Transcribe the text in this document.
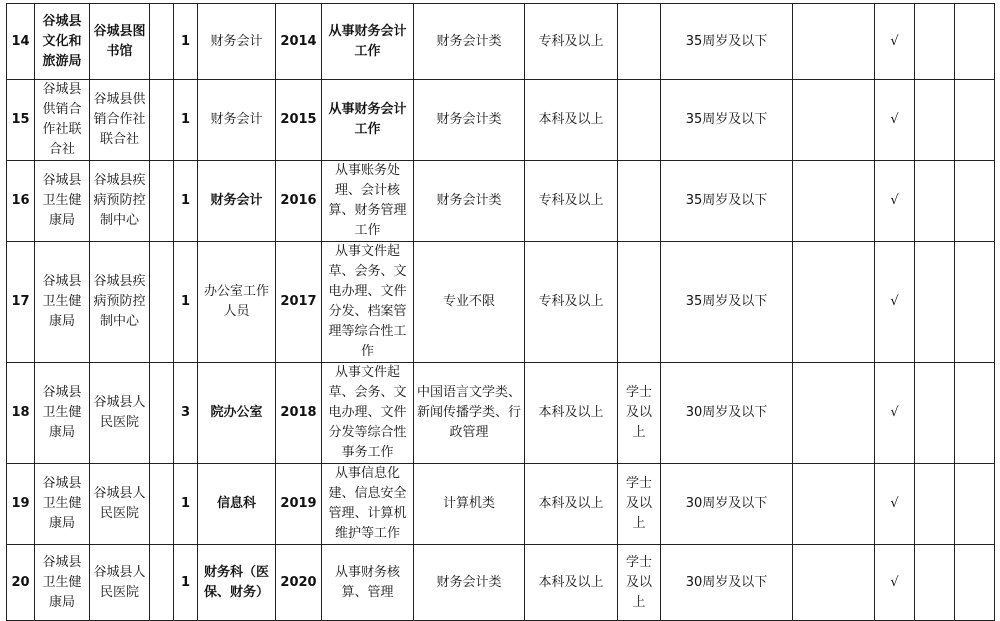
14	谷城县文化和旅游局	谷城县图书馆		1	财务会计	2014	从事财务会计工作	财务会计类	专科及以上		35周岁及以下		√		
15	谷城县供销合作社联合社	谷城县供销合作社联合社		1	财务会计	2015	从事财务会计工作	财务会计类	本科及以上		35周岁及以下		√		
16	谷城县卫生健康局	谷城县疾病预防控制中心		1	财务会计	2016	从事账务处理、会计核算、财务管理工作	财务会计类	专科及以上		35周岁及以下		√		
17	谷城县卫生健康局	谷城县疾病预防控制中心		1	办公室工作人员	2017	从事文件起草、会务、文电办理、文件分发、档案管理等综合性工作	专业不限	专科及以上		35周岁及以下		√		
18	谷城县卫生健康局	谷城县人民医院		3	院办公室	2018	从事文件起草、会务、文电办理、文件分发等综合性事务工作	中国语言文学类、新闻传播学类、行政管理	本科及以上	学士及以上	30周岁及以下		√		
19	谷城县卫生健康局	谷城县人民医院		1	信息科	2019	从事信息化建、信息安全管理、计算机维护等工作	计算机类	本科及以上	学士及以上	30周岁及以下		√		
20	谷城县卫生健康局	谷城县人民医院		1	财务科（医保、财务）	2020	从事财务核算、管理	财务会计类	本科及以上	学士及以上	30周岁及以下		√		
